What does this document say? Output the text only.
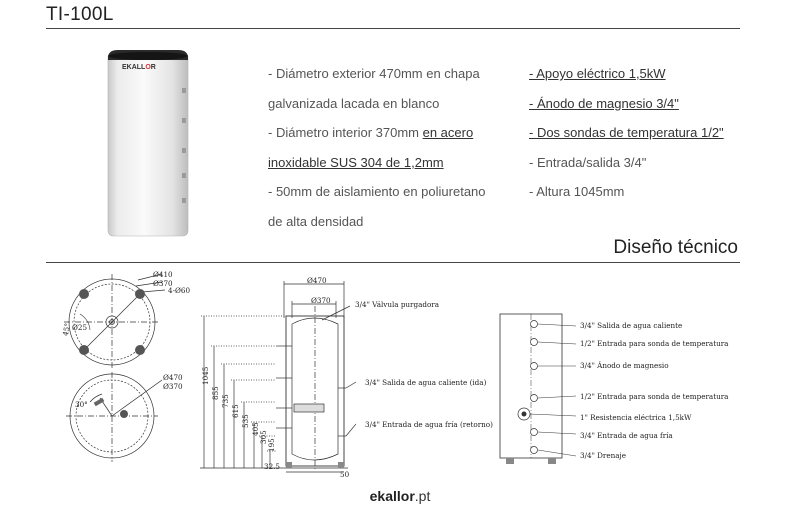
TI-100L
EKALLOR	- Diámetro exterior 470mm en chapa
galvanizada lacada en blanco
- Diámetro interior 370mm en acero
inoxidable SUS 304 de 1,2mm
- 50mm de aislamiento en poliuretano
de alta densidad
- Apoyo eléctrico 1,5kW
- Ánodo de magnesio 3/4"
- Dos sondas de temperatura 1/2"
- Entrada/salida 3/4"
- Altura 1045mm
Diseño técnico
Ø410
Ø370
4-Ø60
45° Ø25
Ø470
Ø370
30°
1045
855
735
615
535
405
305
195
Ø470
Ø370
32.5
50
3/4" Válvula purgadora
3/4" Salida de agua caliente (ida)
3/4" Entrada de agua fría (retorno)
3/4" Salida de agua caliente
1/2" Entrada para sonda de temperatura
3/4" Ánodo de magnesio
1/2" Entrada para sonda de temperatura
1" Resistencia eléctrica 1,5kW
3/4" Entrada de agua fría
3/4" Drenaje
ekallor.pt
